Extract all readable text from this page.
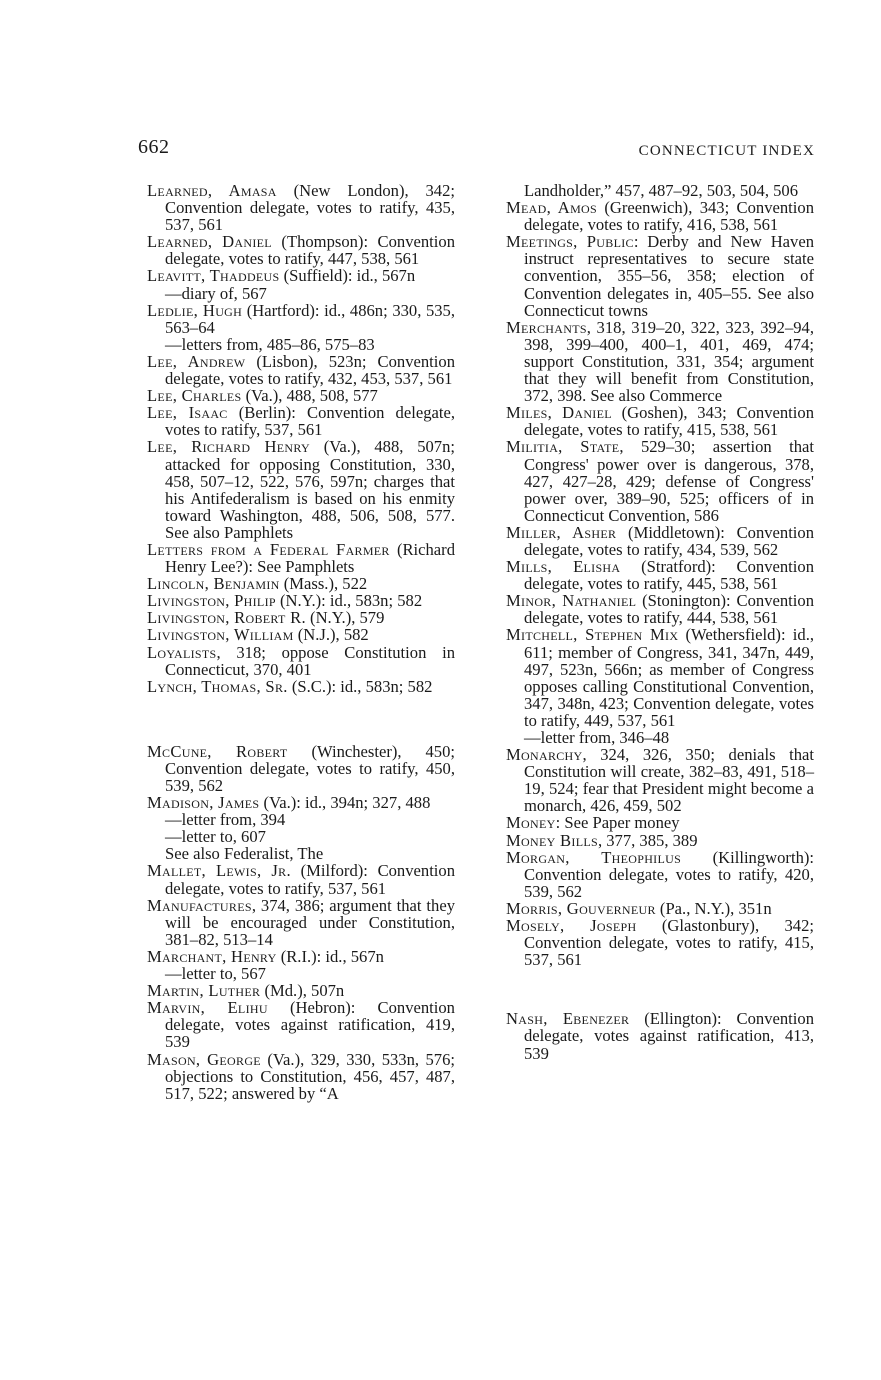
662	CONNECTICUT INDEX

Learned, Amasa (New London), 342; Convention delegate, votes to ratify, 435, 537, 561

Learned, Daniel (Thompson): Convention delegate, votes to ratify, 447, 538, 561

Leavitt, Thaddeus (Suffield): id., 567n

—diary of, 567

Ledlie, Hugh (Hartford): id., 486n; 330, 535, 563–64

—letters from, 485–86, 575–83

Lee, Andrew (Lisbon), 523n; Convention delegate, votes to ratify, 432, 453, 537, 561

Lee, Charles (Va.), 488, 508, 577

Lee, Isaac (Berlin): Convention delegate, votes to ratify, 537, 561

Lee, Richard Henry (Va.), 488, 507n; attacked for opposing Constitution, 330, 458, 507–12, 522, 576, 597n; charges that his Antifederalism is based on his enmity toward Washington, 488, 506, 508, 577. See also Pamphlets

Letters from a Federal Farmer (Richard Henry Lee?): See Pamphlets

Lincoln, Benjamin (Mass.), 522

Livingston, Philip (N.Y.): id., 583n; 582

Livingston, Robert R. (N.Y.), 579

Livingston, William (N.J.), 582

Loyalists, 318; oppose Constitution in Connecticut, 370, 401

Lynch, Thomas, Sr. (S.C.): id., 583n; 582

McCune, Robert (Winchester), 450; Convention delegate, votes to ratify, 450, 539, 562

Madison, James (Va.): id., 394n; 327, 488

—letter from, 394

—letter to, 607

See also Federalist, The

Mallet, Lewis, Jr. (Milford): Convention delegate, votes to ratify, 537, 561

Manufactures, 374, 386; argument that they will be encouraged under Constitution, 381–82, 513–14

Marchant, Henry (R.I.): id., 567n

—letter to, 567

Martin, Luther (Md.), 507n

Marvin, Elihu (Hebron): Convention delegate, votes against ratification, 419, 539

Mason, George (Va.), 329, 330, 533n, 576; objections to Constitution, 456, 457, 487, 517, 522; answered by “A

Landholder,” 457, 487–92, 503, 504, 506

Mead, Amos (Greenwich), 343; Convention delegate, votes to ratify, 416, 538, 561

Meetings, Public: Derby and New Haven instruct representatives to secure state convention, 355–56, 358; election of Convention delegates in, 405–55. See also Connecticut towns

Merchants, 318, 319–20, 322, 323, 392–94, 398, 399–400, 400–1, 401, 469, 474; support Constitution, 331, 354; argument that they will benefit from Constitution, 372, 398. See also Commerce

Miles, Daniel (Goshen), 343; Convention delegate, votes to ratify, 415, 538, 561

Militia, State, 529–30; assertion that Congress' power over is dangerous, 378, 427, 427–28, 429; defense of Congress' power over, 389–90, 525; officers of in Connecticut Convention, 586

Miller, Asher (Middletown): Convention delegate, votes to ratify, 434, 539, 562

Mills, Elisha (Stratford): Convention delegate, votes to ratify, 445, 538, 561

Minor, Nathaniel (Stonington): Convention delegate, votes to ratify, 444, 538, 561

Mitchell, Stephen Mix (Wethersfield): id., 611; member of Congress, 341, 347n, 449, 497, 523n, 566n; as member of Congress opposes calling Constitutional Convention, 347, 348n, 423; Convention delegate, votes to ratify, 449, 537, 561

—letter from, 346–48

Monarchy, 324, 326, 350; denials that Constitution will create, 382–83, 491, 518–19, 524; fear that President might become a monarch, 426, 459, 502

Money: See Paper money

Money Bills, 377, 385, 389

Morgan, Theophilus (Killingworth): Convention delegate, votes to ratify, 420, 539, 562

Morris, Gouverneur (Pa., N.Y.), 351n

Mosely, Joseph (Glastonbury), 342; Convention delegate, votes to ratify, 415, 537, 561

Nash, Ebenezer (Ellington): Convention delegate, votes against ratification, 413, 539
